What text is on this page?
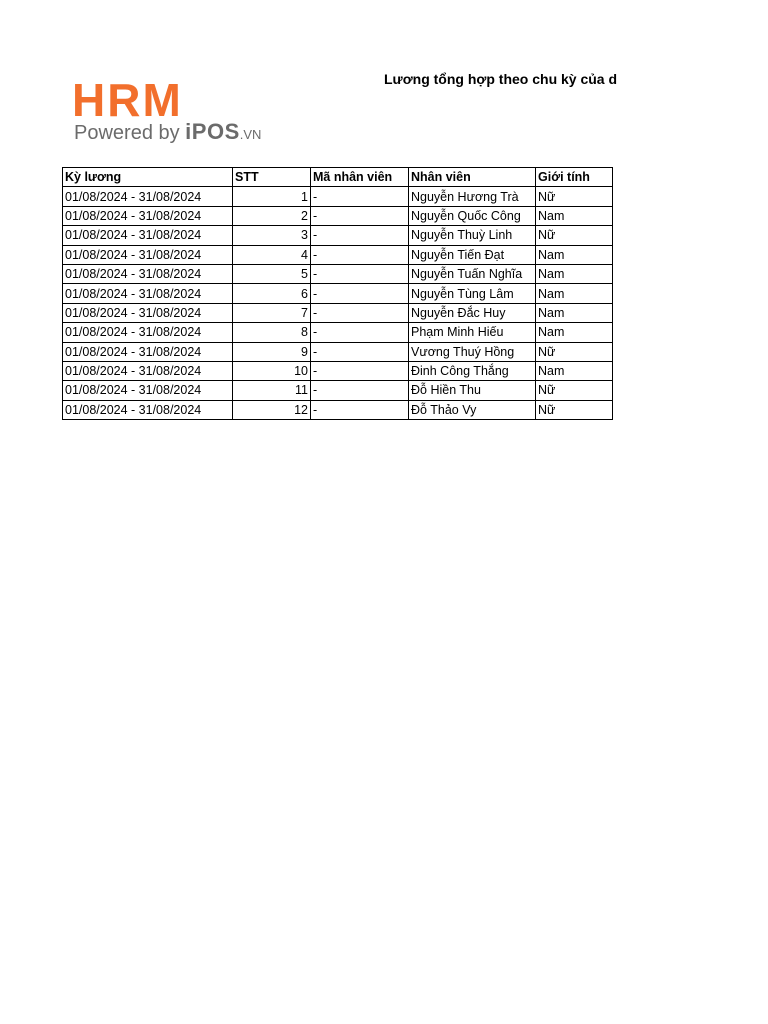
HRM
Powered by iPOS.VN
Lương tổng hợp theo chu kỳ của d
Kỳ lương	STT	Mã nhân viên	Nhân viên	Giới tính
01/08/2024 - 31/08/2024	1	-	Nguyễn Hương Trà	Nữ
01/08/2024 - 31/08/2024	2	-	Nguyễn Quốc Công	Nam
01/08/2024 - 31/08/2024	3	-	Nguyễn Thuỳ Linh	Nữ
01/08/2024 - 31/08/2024	4	-	Nguyễn Tiến Đạt	Nam
01/08/2024 - 31/08/2024	5	-	Nguyễn Tuấn Nghĩa	Nam
01/08/2024 - 31/08/2024	6	-	Nguyễn Tùng Lâm	Nam
01/08/2024 - 31/08/2024	7	-	Nguyễn Đắc Huy	Nam
01/08/2024 - 31/08/2024	8	-	Phạm Minh Hiếu	Nam
01/08/2024 - 31/08/2024	9	-	Vương Thuý Hồng	Nữ
01/08/2024 - 31/08/2024	10	-	Đinh Công Thắng	Nam
01/08/2024 - 31/08/2024	11	-	Đỗ Hiền Thu	Nữ
01/08/2024 - 31/08/2024	12	-	Đỗ Thảo Vy	Nữ
